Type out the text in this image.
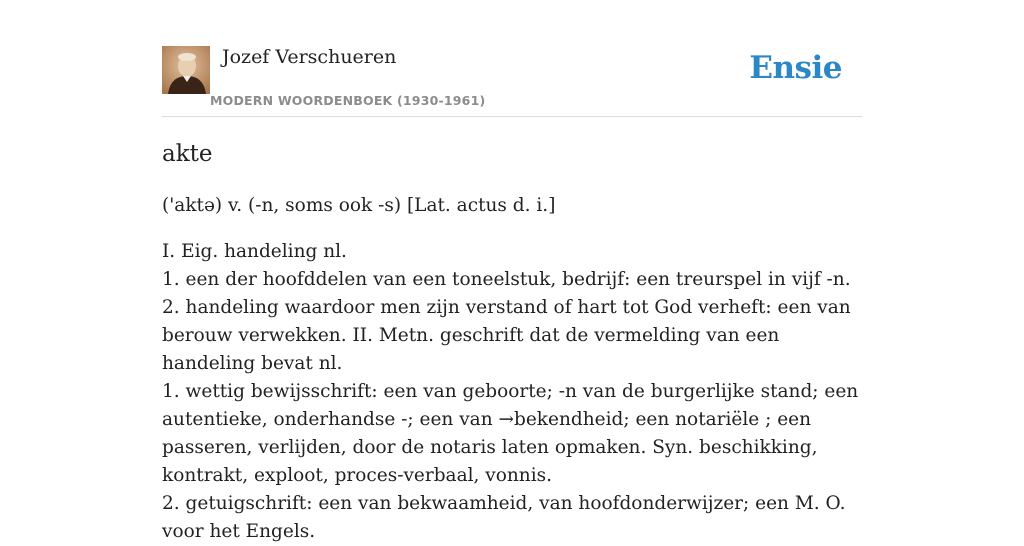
Jozef Verschueren
MODERN WOORDENBOEK (1930-1961)
Ensie
akte

('aktə) v. (-n, soms ook -s) [Lat. actus d. i.]

I. Eig. handeling nl.
1. een der hoofddelen van een toneelstuk, bedrijf: een treurspel in vijf -n.
2. handeling waardoor men zijn verstand of hart tot God verheft: een van berouw verwekken. II. Metn. geschrift dat de vermelding van een handeling bevat nl.
1. wettig bewijsschrift: een van geboorte; -n van de burgerlijke stand; een autentieke, onderhandse -; een van →bekendheid; een notariële ; een passeren, verlijden, door de notaris laten opmaken. Syn. beschikking, kontrakt, exploot, proces-verbaal, vonnis.
2. getuigschrift: een van bekwaamheid, van hoofdonderwijzer; een M. O. voor het Engels.
